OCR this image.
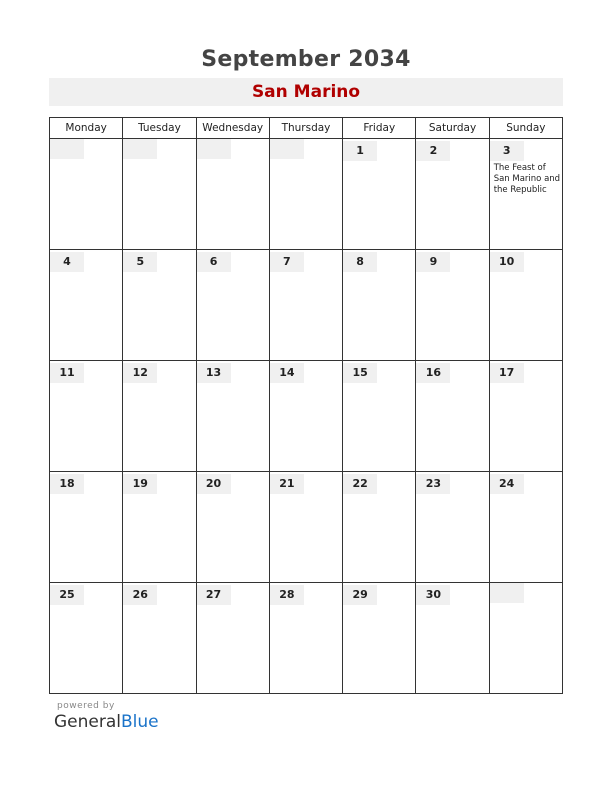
September 2034
San Marino
Monday	Tuesday	Wednesday	Thursday	Friday	Saturday	Sunday
				1	2	3
The Feast of San Marino and the Republic

4	5	6	7	8	9	10
11	12	13	14	15	16	17
18	19	20	21	22	23	24
25	26	27	28	29	30	
powered by
GeneralBlue
